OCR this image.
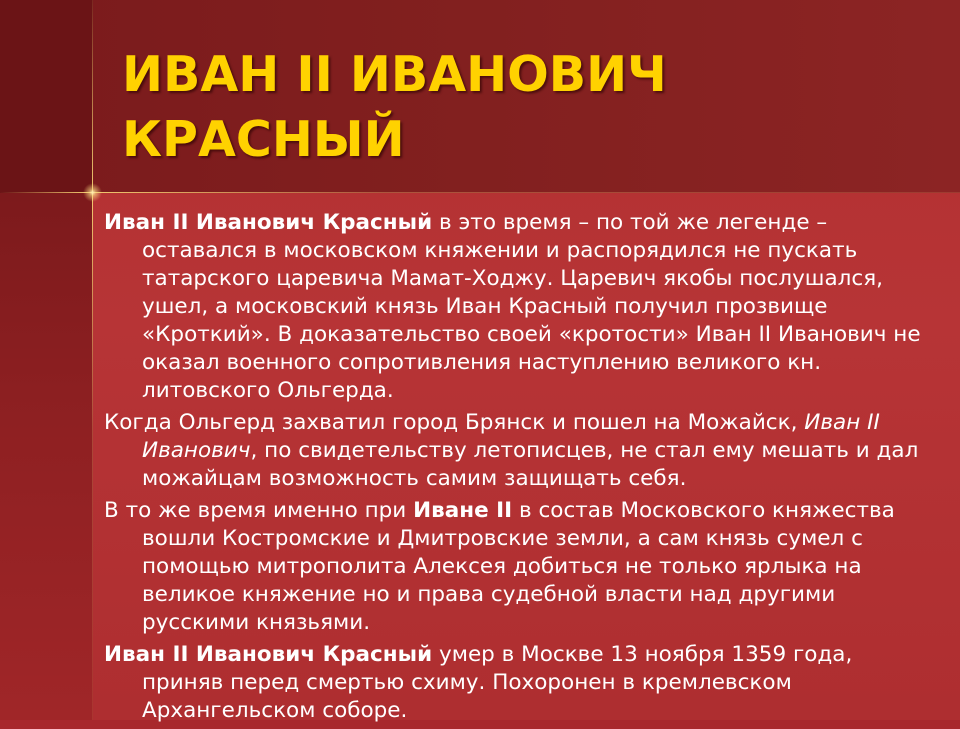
ИВАН II ИВАНОВИЧ
КРАСНЫЙ

Иван II Иванович Красный в это время – по той же легенде – оставался в московском княжении и распорядился не пускать татарского царевича Мамат-Ходжу. Царевич якобы послушался, ушел, а московский князь Иван Красный получил прозвище «Кроткий». В доказательство своей «кротости» Иван II Иванович не оказал военного сопротивления наступлению великого кн. литовского Ольгерда.

Когда Ольгерд захватил город Брянск и пошел на Можайск, Иван II Иванович, по свидетельству летописцев, не стал ему мешать и дал можайцам возможность самим защищать себя.

В то же время именно при Иване II в состав Московского княжества вошли Костромские и Дмитровские земли, а сам князь сумел с помощью митрополита Алексея добиться не только ярлыка на великое княжение но и права судебной власти над другими русскими князьями.

Иван II Иванович Красный умер в Москве 13 ноября 1359 года, приняв перед смертью схиму. Похоронен в кремлевском Архангельском соборе.
